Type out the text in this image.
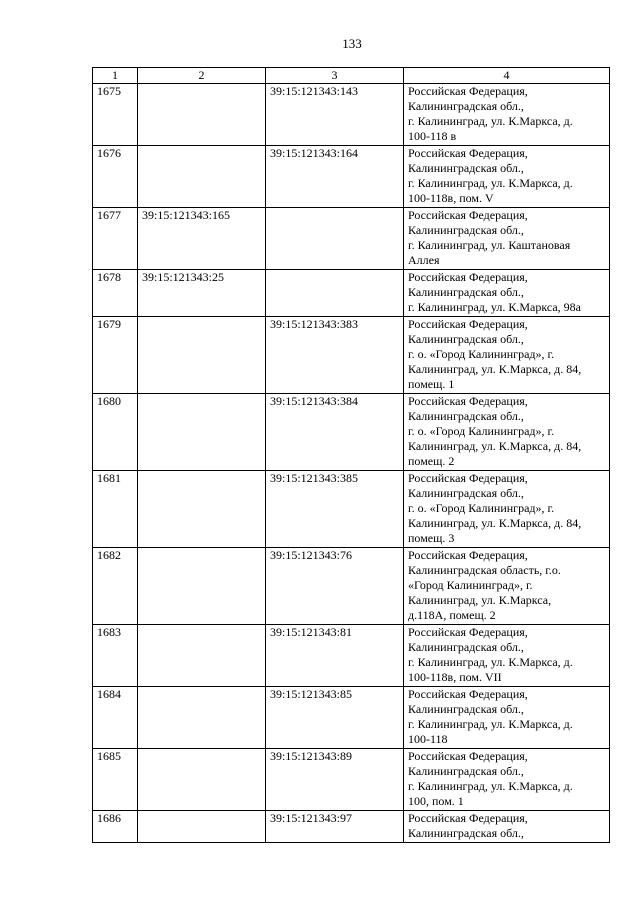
133
1	2	3	4
1675		39:15:121343:143	Российская Федерация,
Калининградская обл.,
г. Калининград, ул. К.Маркса, д.
100-118 в
1676		39:15:121343:164	Российская Федерация,
Калининградская обл.,
г. Калининград, ул. К.Маркса, д.
100-118в, пом. V
1677	39:15:121343:165		Российская Федерация,
Калининградская обл.,
г. Калининград, ул. Каштановая
Аллея
1678	39:15:121343:25		Российская Федерация,
Калининградская обл.,
г. Калининград, ул. К.Маркса, 98а
1679		39:15:121343:383	Российская Федерация,
Калининградская обл.,
г. о. «Город Калининград», г.
Калининград, ул. К.Маркса, д. 84,
помещ. 1
1680		39:15:121343:384	Российская Федерация,
Калининградская обл.,
г. о. «Город Калининград», г.
Калининград, ул. К.Маркса, д. 84,
помещ. 2
1681		39:15:121343:385	Российская Федерация,
Калининградская обл.,
г. о. «Город Калининград», г.
Калининград, ул. К.Маркса, д. 84,
помещ. 3
1682		39:15:121343:76	Российская Федерация,
Калининградская область, г.о.
«Город Калининград», г.
Калининград, ул. К.Маркса,
д.118А, помещ. 2
1683		39:15:121343:81	Российская Федерация,
Калининградская обл.,
г. Калининград, ул. К.Маркса, д.
100-118в, пом. VII
1684		39:15:121343:85	Российская Федерация,
Калининградская обл.,
г. Калининград, ул. К.Маркса, д.
100-118
1685		39:15:121343:89	Российская Федерация,
Калининградская обл.,
г. Калининград, ул. К.Маркса, д.
100, пом. 1
1686		39:15:121343:97	Российская Федерация,
Калининградская обл.,
